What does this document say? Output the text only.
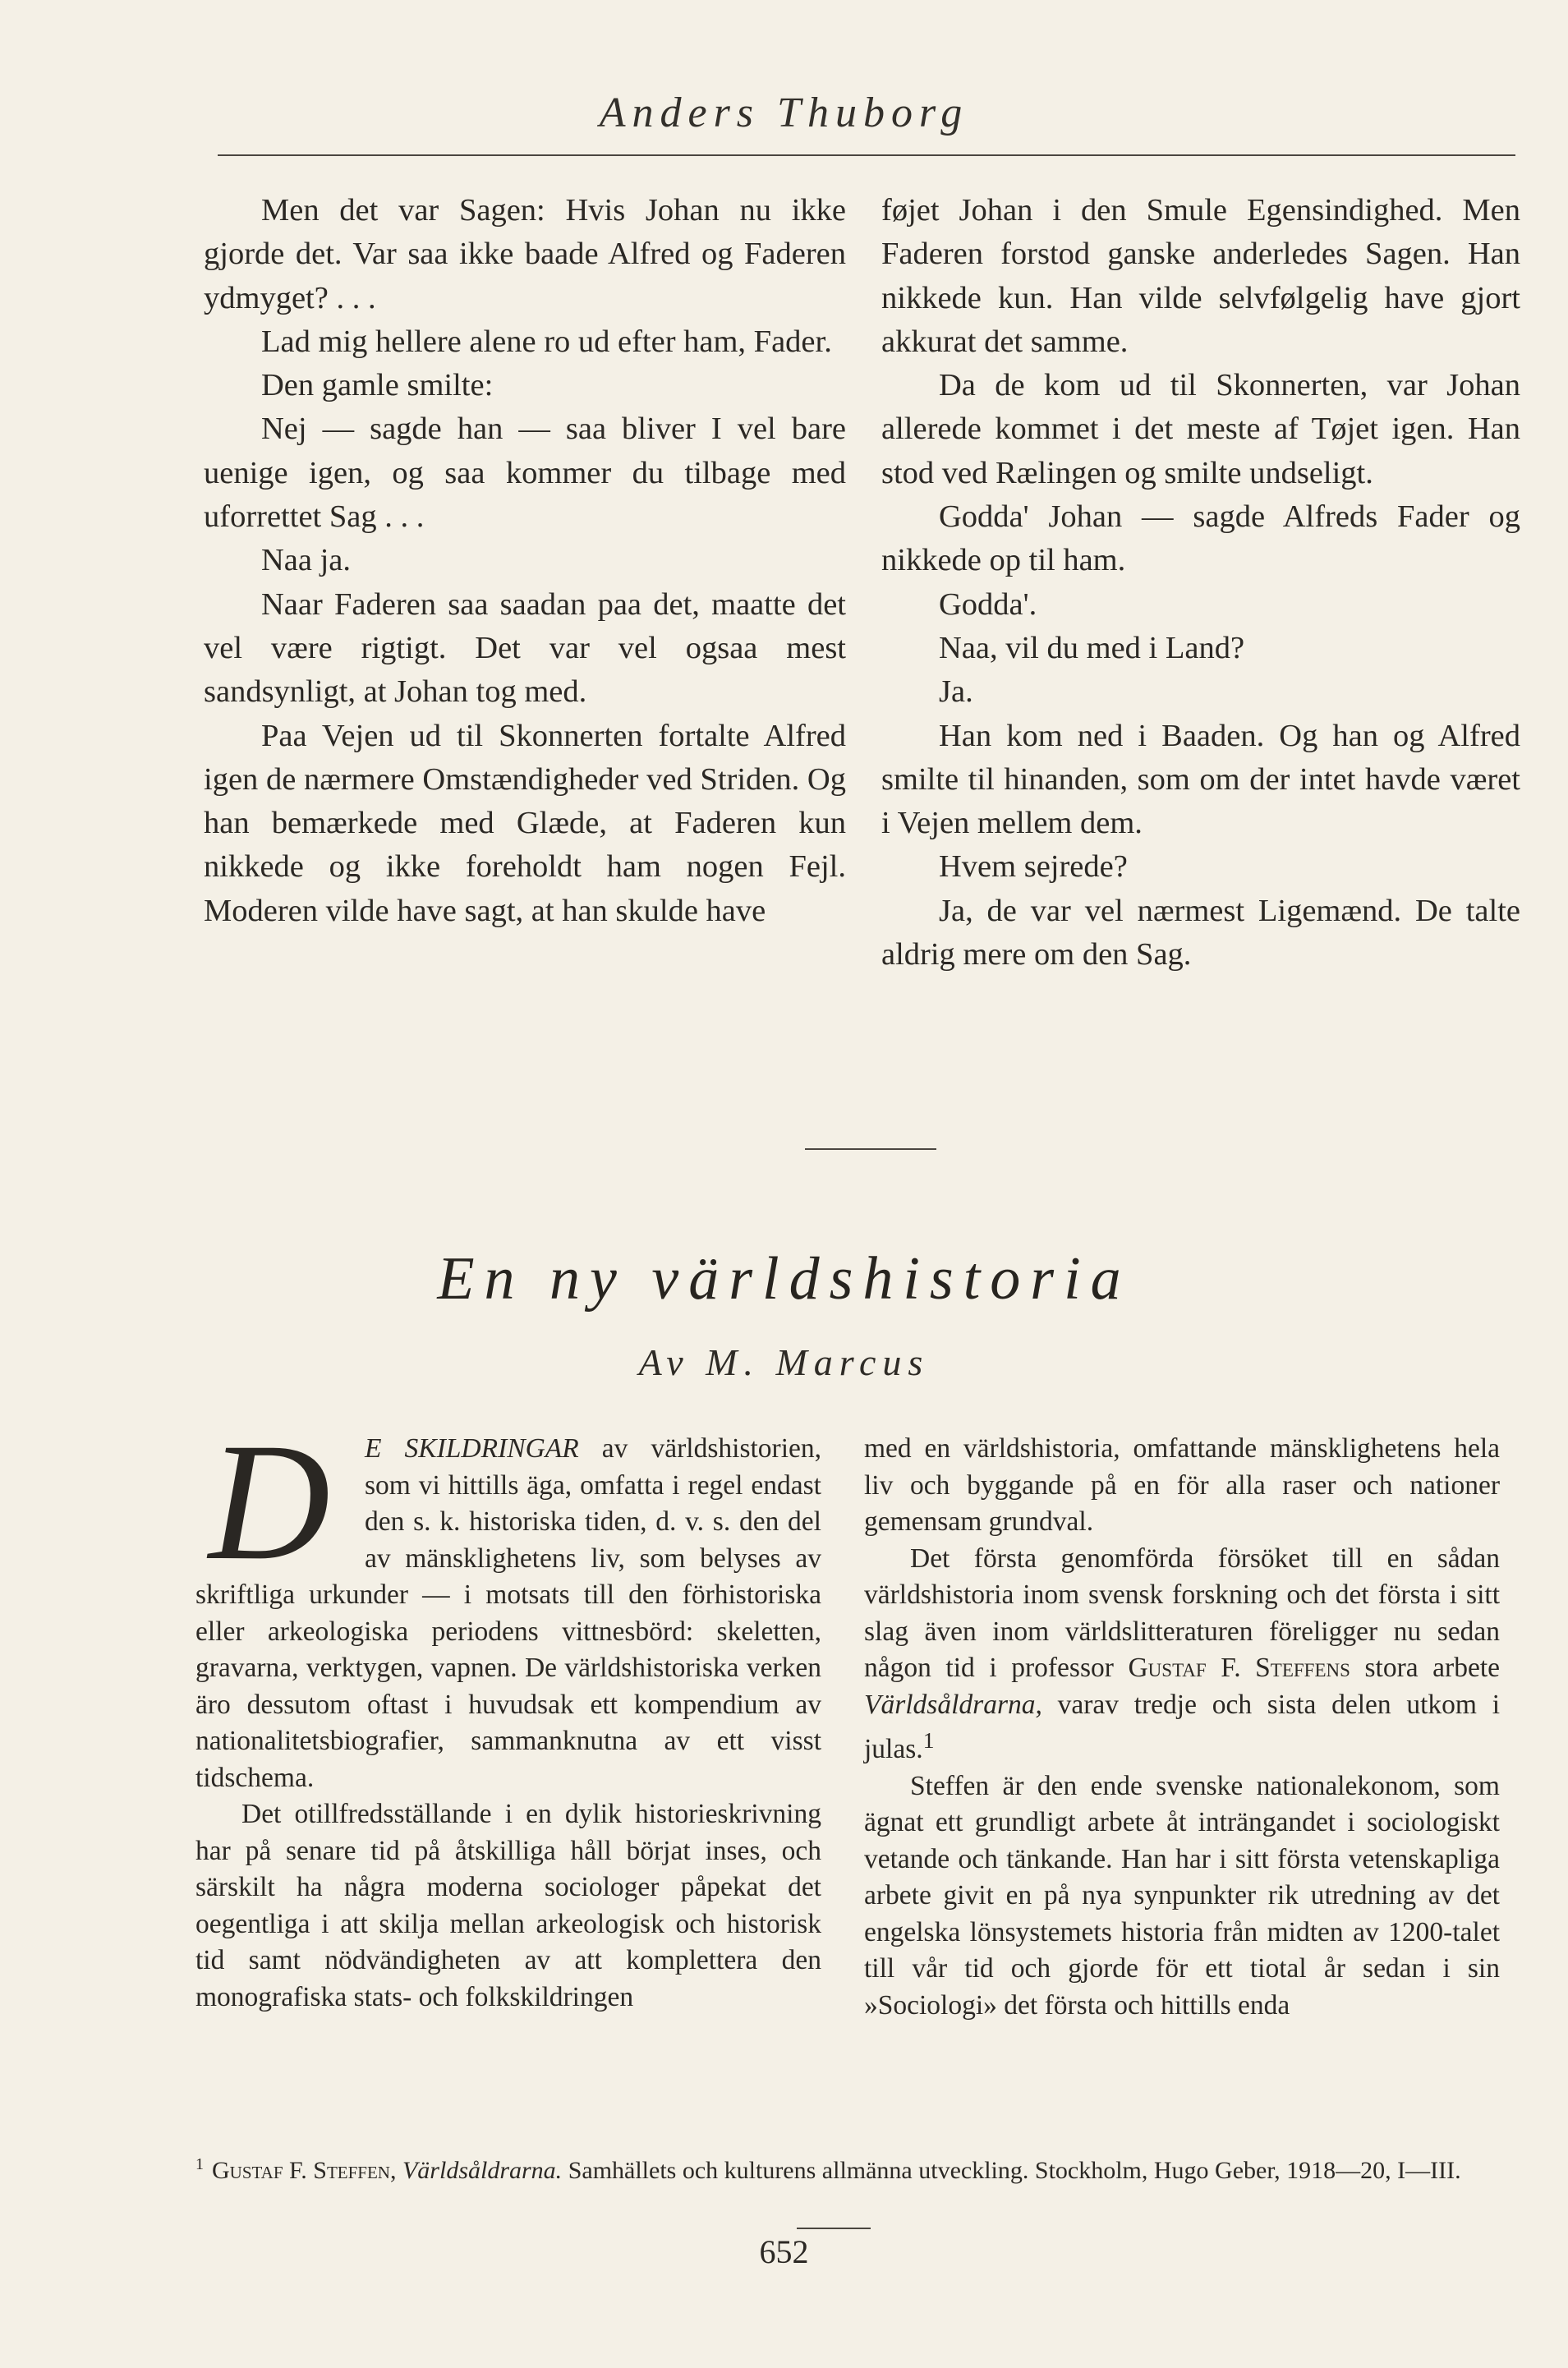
Anders Thuborg

Men det var Sagen: Hvis Johan nu ikke gjorde det. Var saa ikke baade Alfred og Faderen ydmyget? . . .

Lad mig hellere alene ro ud efter ham, Fader.

Den gamle smilte:

Nej — sagde han — saa bliver I vel bare uenige igen, og saa kommer du tilbage med uforrettet Sag . . .

Naa ja.

Naar Faderen saa saadan paa det, maatte det vel være rigtigt. Det var vel ogsaa mest sandsynligt, at Johan tog med.

Paa Vejen ud til Skonnerten fortalte Alfred igen de nærmere Omstændigheder ved Striden. Og han bemærkede med Glæde, at Faderen kun nikkede og ikke foreholdt ham nogen Fejl. Moderen vilde have sagt, at han skulde have

føjet Johan i den Smule Egensindighed. Men Faderen forstod ganske anderledes Sagen. Han nikkede kun. Han vilde selvfølgelig have gjort akkurat det samme.

Da de kom ud til Skonnerten, var Johan allerede kommet i det meste af Tøjet igen. Han stod ved Rælingen og smilte undseligt.

Godda' Johan — sagde Alfreds Fader og nikkede op til ham.

Godda'.

Naa, vil du med i Land?

Ja.

Han kom ned i Baaden. Og han og Alfred smilte til hinanden, som om der intet havde været i Vejen mellem dem.

Hvem sejrede?

Ja, de var vel nærmest Ligemænd. De talte aldrig mere om den Sag.

En ny världshistoria
Av M. Marcus

D	E SKILDRINGAR av världshistorien, som vi hittills äga, omfatta i regel endast den s. k. historiska tiden, d. v. s. den del av mänsklighetens liv, som belyses av skriftliga urkunder — i motsats till den förhistoriska eller arkeologiska periodens vittnesbörd: skeletten, gravarna, verktygen, vapnen. De världshistoriska verken äro dessutom oftast i huvudsak ett kompendium av nationalitetsbiografier, sammanknutna av ett visst tidschema.

Det otillfredsställande i en dylik historieskrivning har på senare tid på åtskilliga håll börjat inses, och särskilt ha några moderna sociologer påpekat det oegentliga i att skilja mellan arkeologisk och historisk tid samt nödvändigheten av att komplettera den monografiska stats- och folkskildringen

med en världshistoria, omfattande mänsklighetens hela liv och byggande på en för alla raser och nationer gemensam grundval.

Det första genomförda försöket till en sådan världshistoria inom svensk forskning och det första i sitt slag även inom världslitteraturen föreligger nu sedan någon tid i professor Gustaf F. Steffens stora arbete Världsåldrarna, varav tredje och sista delen utkom i julas.$^1$

Steffen är den ende svenske nationalekonom, som ägnat ett grundligt arbete åt inträngandet i sociologiskt vetande och tänkande. Han har i sitt första vetenskapliga arbete givit en på nya synpunkter rik utredning av det engelska lönsystemets historia från midten av 1200-talet till vår tid och gjorde för ett tiotal år sedan i sin »Sociologi» det första och hittills enda

$^1$ Gustaf F. Steffen, Världsåldrarna. Samhällets och kulturens allmänna utveckling. Stockholm, Hugo Geber, 1918—20, I—III.
652
